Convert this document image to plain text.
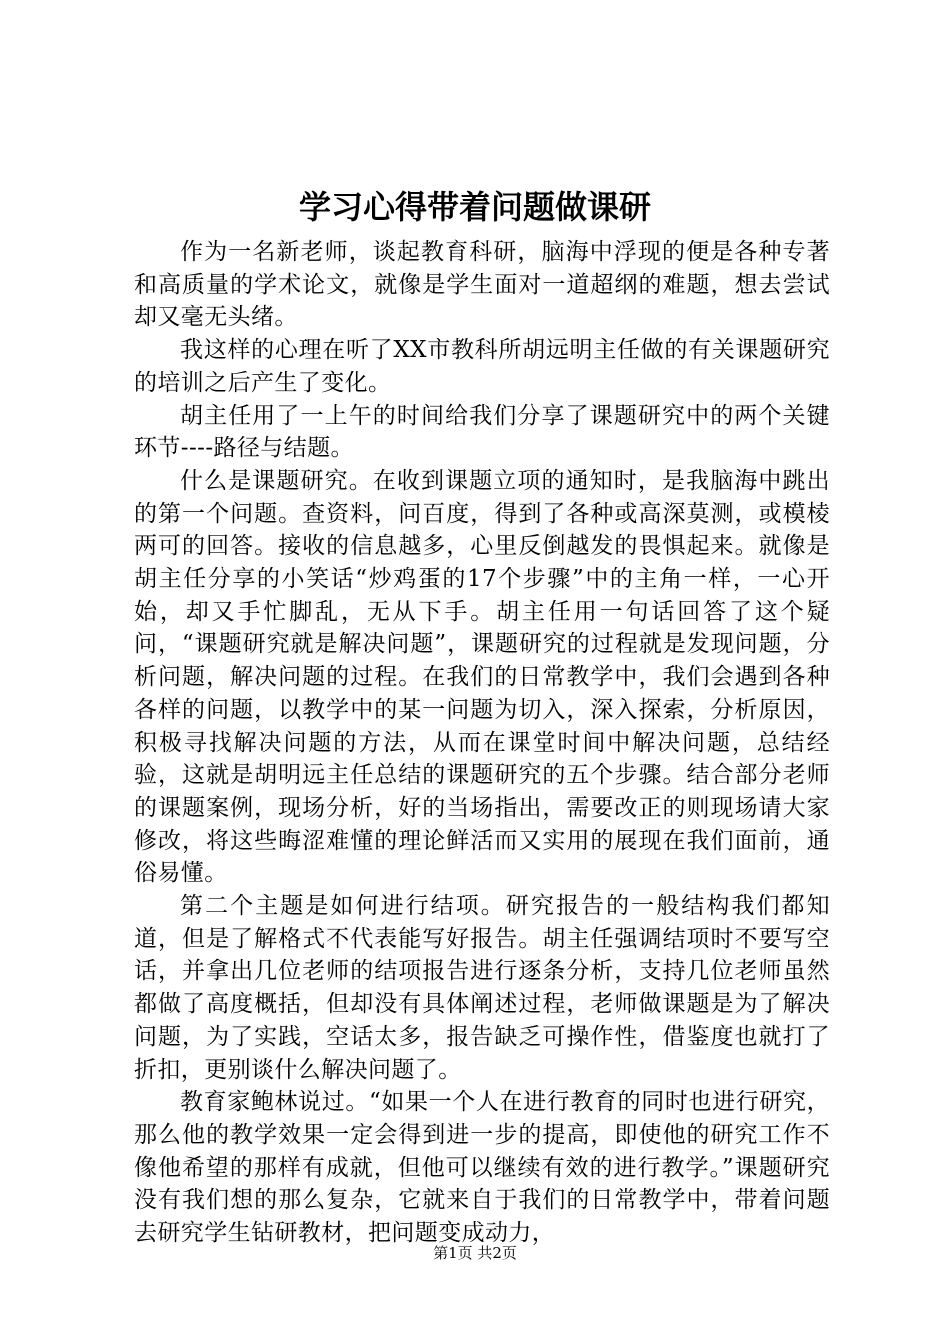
学习心得带着问题做课研

作为一名新老师，谈起教育科研，脑海中浮现的便是各种专著和高质量的学术论文，就像是学生面对一道超纲的难题，想去尝试却又毫无头绪。

我这样的心理在听了XX市教科所胡远明主任做的有关课题研究的培训之后产生了变化。

胡主任用了一上午的时间给我们分享了课题研究中的两个关键环节----路径与结题。

什么是课题研究。在收到课题立项的通知时，是我脑海中跳出的第一个问题。查资料，问百度，得到了各种或高深莫测，或模棱两可的回答。接收的信息越多，心里反倒越发的畏惧起来。就像是胡主任分享的小笑话“炒鸡蛋的17个步骤”中的主角一样，一心开始，却又手忙脚乱，无从下手。胡主任用一句话回答了这个疑问，“课题研究就是解决问题”，课题研究的过程就是发现问题，分析问题，解决问题的过程。在我们的日常教学中，我们会遇到各种各样的问题，以教学中的某一问题为切入，深入探索，分析原因，积极寻找解决问题的方法，从而在课堂时间中解决问题，总结经验，这就是胡明远主任总结的课题研究的五个步骤。结合部分老师的课题案例，现场分析，好的当场指出，需要改正的则现场请大家修改，将这些晦涩难懂的理论鲜活而又实用的展现在我们面前，通俗易懂。

第二个主题是如何进行结项。研究报告的一般结构我们都知道，但是了解格式不代表能写好报告。胡主任强调结项时不要写空话，并拿出几位老师的结项报告进行逐条分析，支持几位老师虽然都做了高度概括，但却没有具体阐述过程，老师做课题是为了解决问题，为了实践，空话太多，报告缺乏可操作性，借鉴度也就打了折扣，更别谈什么解决问题了。

教育家鲍林说过。“如果一个人在进行教育的同时也进行研究，那么他的教学效果一定会得到进一步的提高，即使他的研究工作不像他希望的那样有成就，但他可以继续有效的进行教学。”课题研究没有我们想的那么复杂，它就来自于我们的日常教学中，带着问题去研究学生钻研教材，把问题变成动力，

第1页 共2页
